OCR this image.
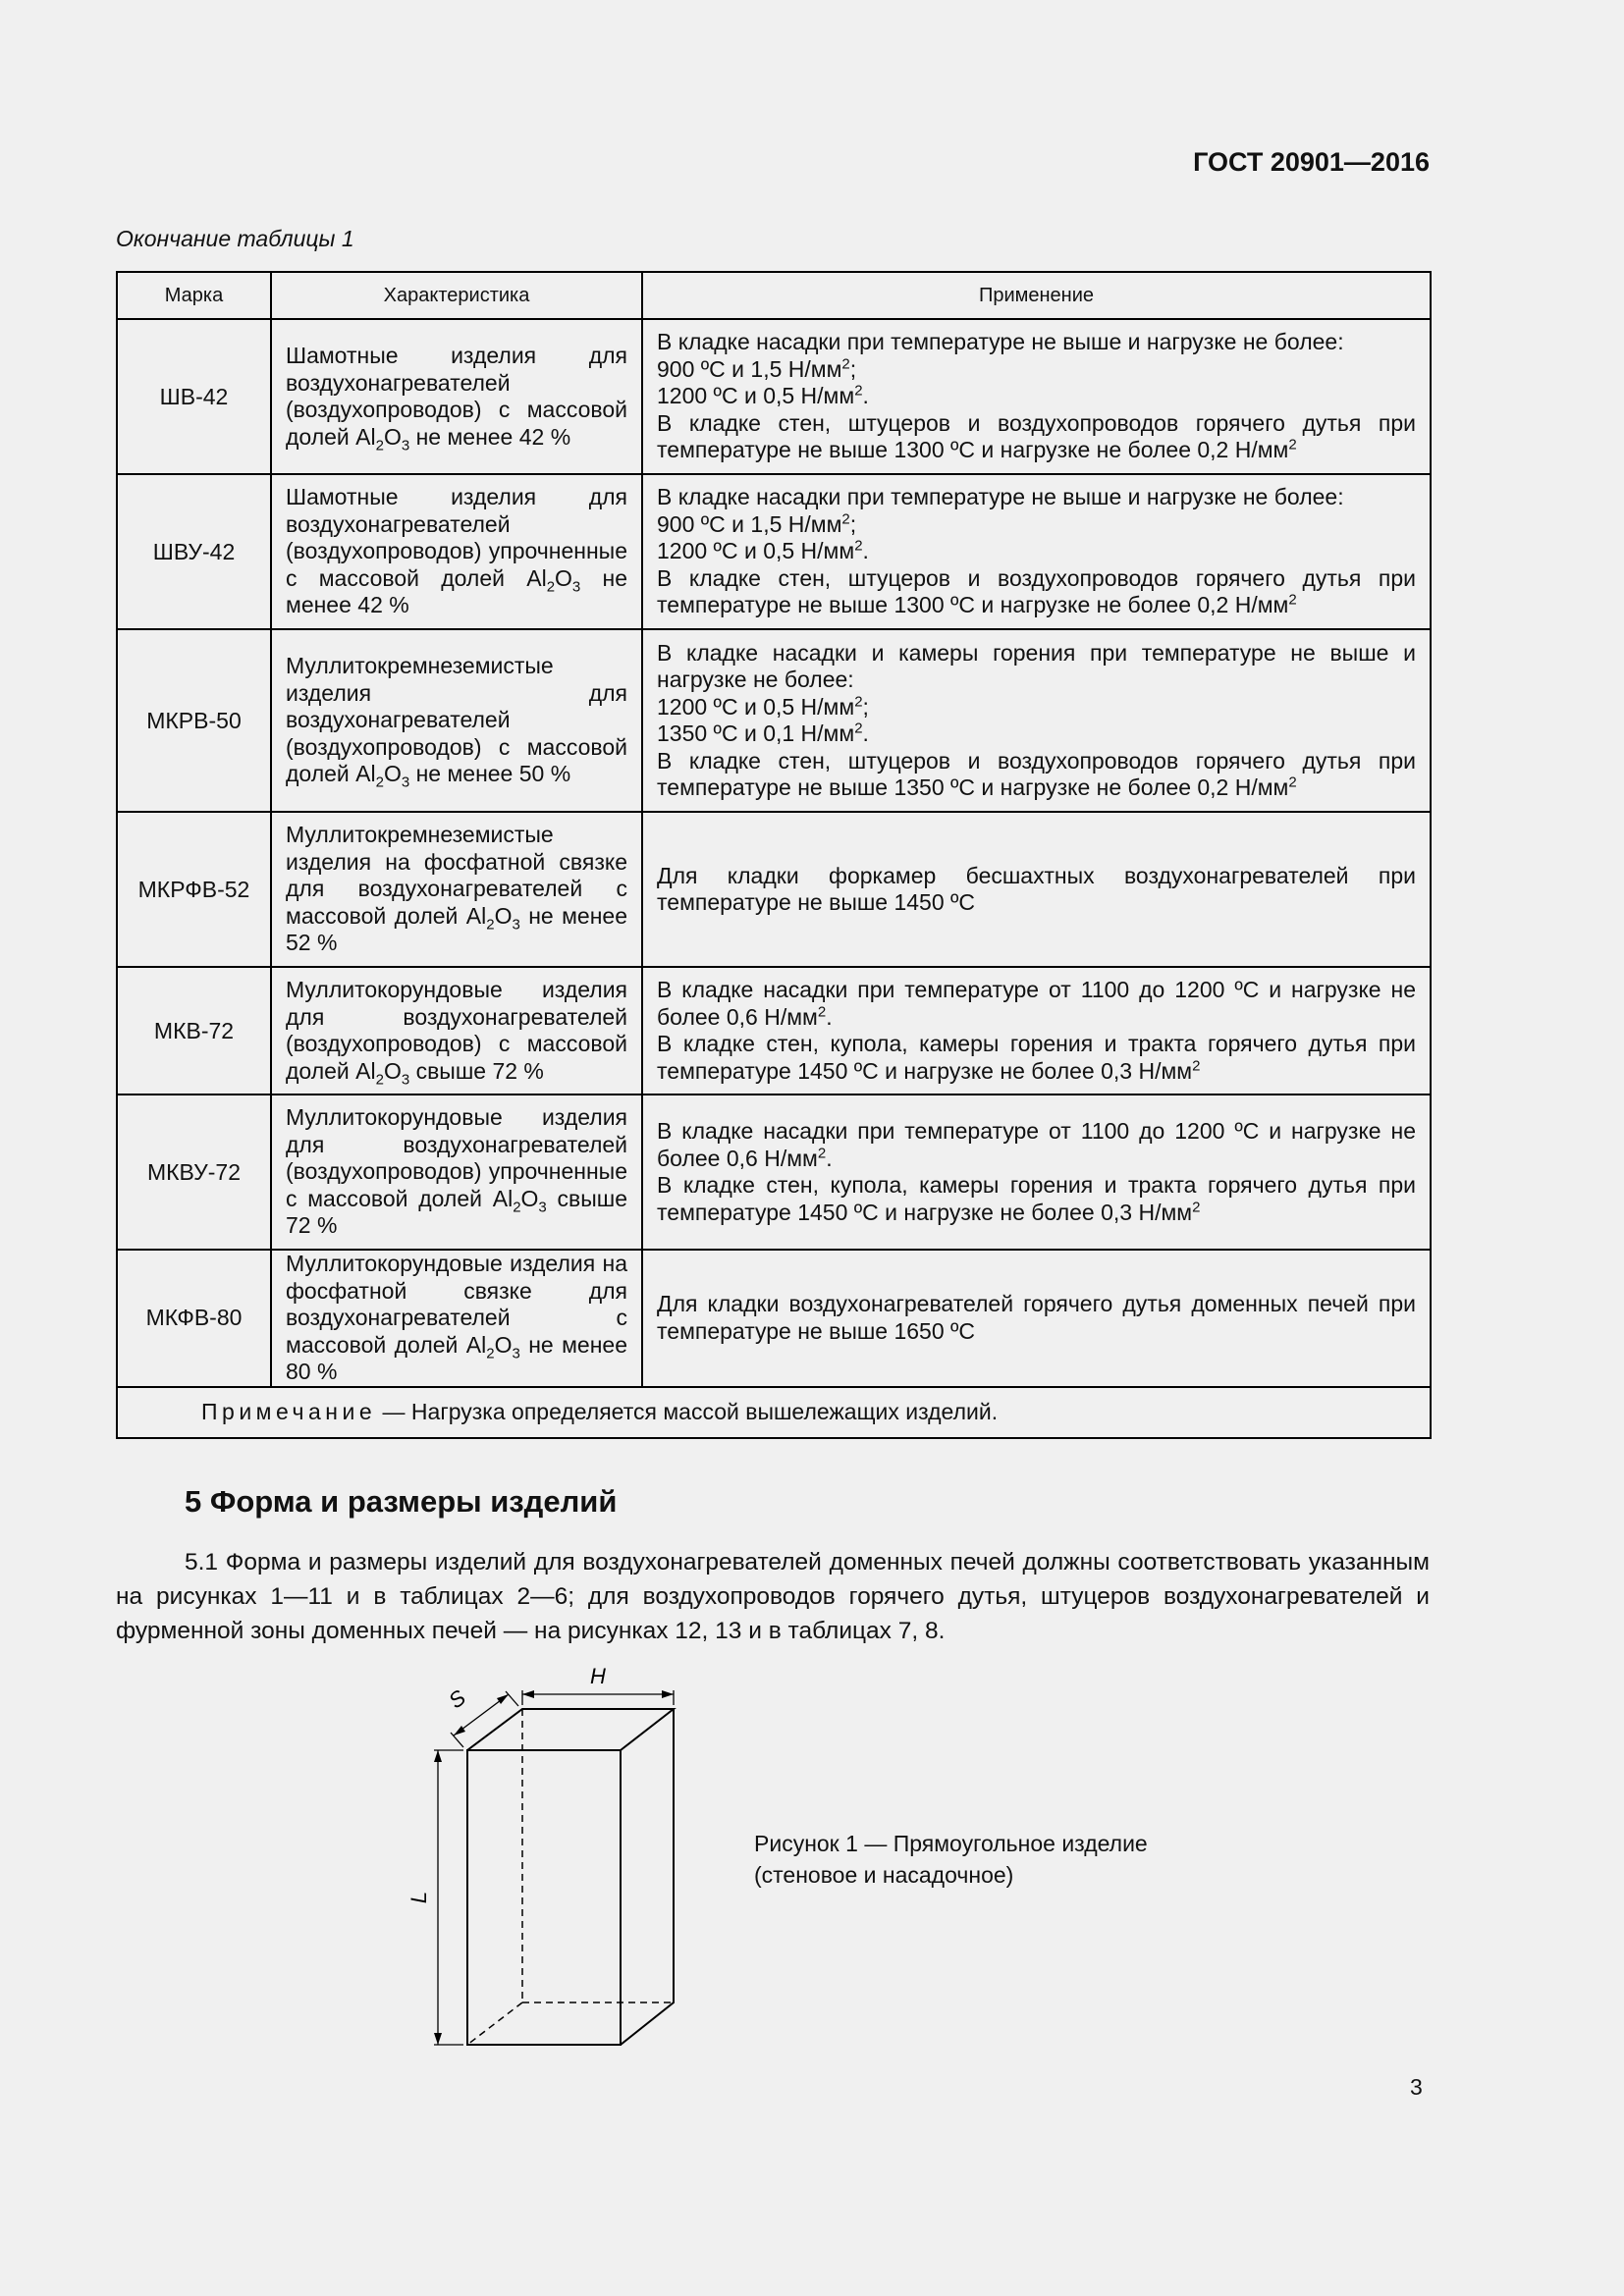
ГОСТ 20901—2016
Окончание таблицы 1
Марка	Характеристика	Применение
ШВ-42	Шамотные изделия для воздухонагревателей (воздухопроводов) с массовой долей $Al_2O_3$ не менее 42 %	В кладке насадки при температуре не выше и нагрузке не более:
900 ºС и 1,5 $Н/мм^2$;
1200 ºС и 0,5 $Н/мм^2$.
В кладке стен, штуцеров и воздухопроводов горячего дутья при температуре не выше 1300 ºС и нагрузке не более 0,2 $Н/мм^2$

ШВУ-42	Шамотные изделия для воздухонагревателей (воздухопроводов) упрочненные с массовой долей $Al_2O_3$ не менее 42 %	В кладке насадки при температуре не выше и нагрузке не более:
900 ºС и 1,5 $Н/мм^2$;
1200 ºС и 0,5 $Н/мм^2$.
В кладке стен, штуцеров и воздухопроводов горячего дутья при температуре не выше 1300 ºС и нагрузке не более 0,2 $Н/мм^2$

МКРВ-50	Муллитокремнеземистые изделия для воздухонагревателей (воздухопроводов) с массовой долей $Al_2O_3$ не менее 50 %	В кладке насадки и камеры горения при температуре не выше и нагрузке не более:
1200 ºС и 0,5 $Н/мм^2$;
1350 ºС и 0,1 $Н/мм^2$.
В кладке стен, штуцеров и воздухопроводов горячего дутья при температуре не выше 1350 ºС и нагрузке не более 0,2 $Н/мм^2$

МКРФВ-52	Муллитокремнеземистые изделия на фосфатной связке для воздухонагревателей с массовой долей $Al_2O_3$ не менее 52 %	Для кладки форкамер бесшахтных воздухонагревателей при температуре не выше 1450 ºС

МКВ-72	Муллитокорундовые изделия для воздухонагревателей (воздухопроводов) с массовой долей $Al_2O_3$ свыше 72 %	В кладке насадки при температуре от 1100 до 1200 ºС и нагрузке не более 0,6 $Н/мм^2$.
В кладке стен, купола, камеры горения и тракта горячего дутья при температуре 1450 ºС и нагрузке не более 0,3 $Н/мм^2$

МКВУ-72	Муллитокорундовые изделия для воздухонагревателей (воздухопроводов) упрочненные с массовой долей $Al_2O_3$ свыше 72 %	В кладке насадки при температуре от 1100 до 1200 ºС и нагрузке не более 0,6 $Н/мм^2$.
В кладке стен, купола, камеры горения и тракта горячего дутья при температуре 1450 ºС и нагрузке не более 0,3 $Н/мм^2$

МКФВ-80	Муллитокорундовые изделия на фосфатной связке для воздухонагревателей с массовой долей $Al_2O_3$ не менее 80 %	Для кладки воздухонагревателей горячего дутья доменных печей при температуре не выше 1650 ºС

Примечание — Нагрузка определяется массой вышележащих изделий.		
5 Форма и размеры изделий
5.1 Форма и размеры изделий для воздухонагревателей доменных печей должны соответствовать указанным на рисунках 1—11 и в таблицах 2—6; для воздухопроводов горячего дутья, штуцеров воздухонагревателей и фурменной зоны доменных печей — на рисунках 12, 13 и в таблицах 7, 8.
H
S
L
Рисунок 1 — Прямоугольное изделие
(стеновое и насадочное)
3
